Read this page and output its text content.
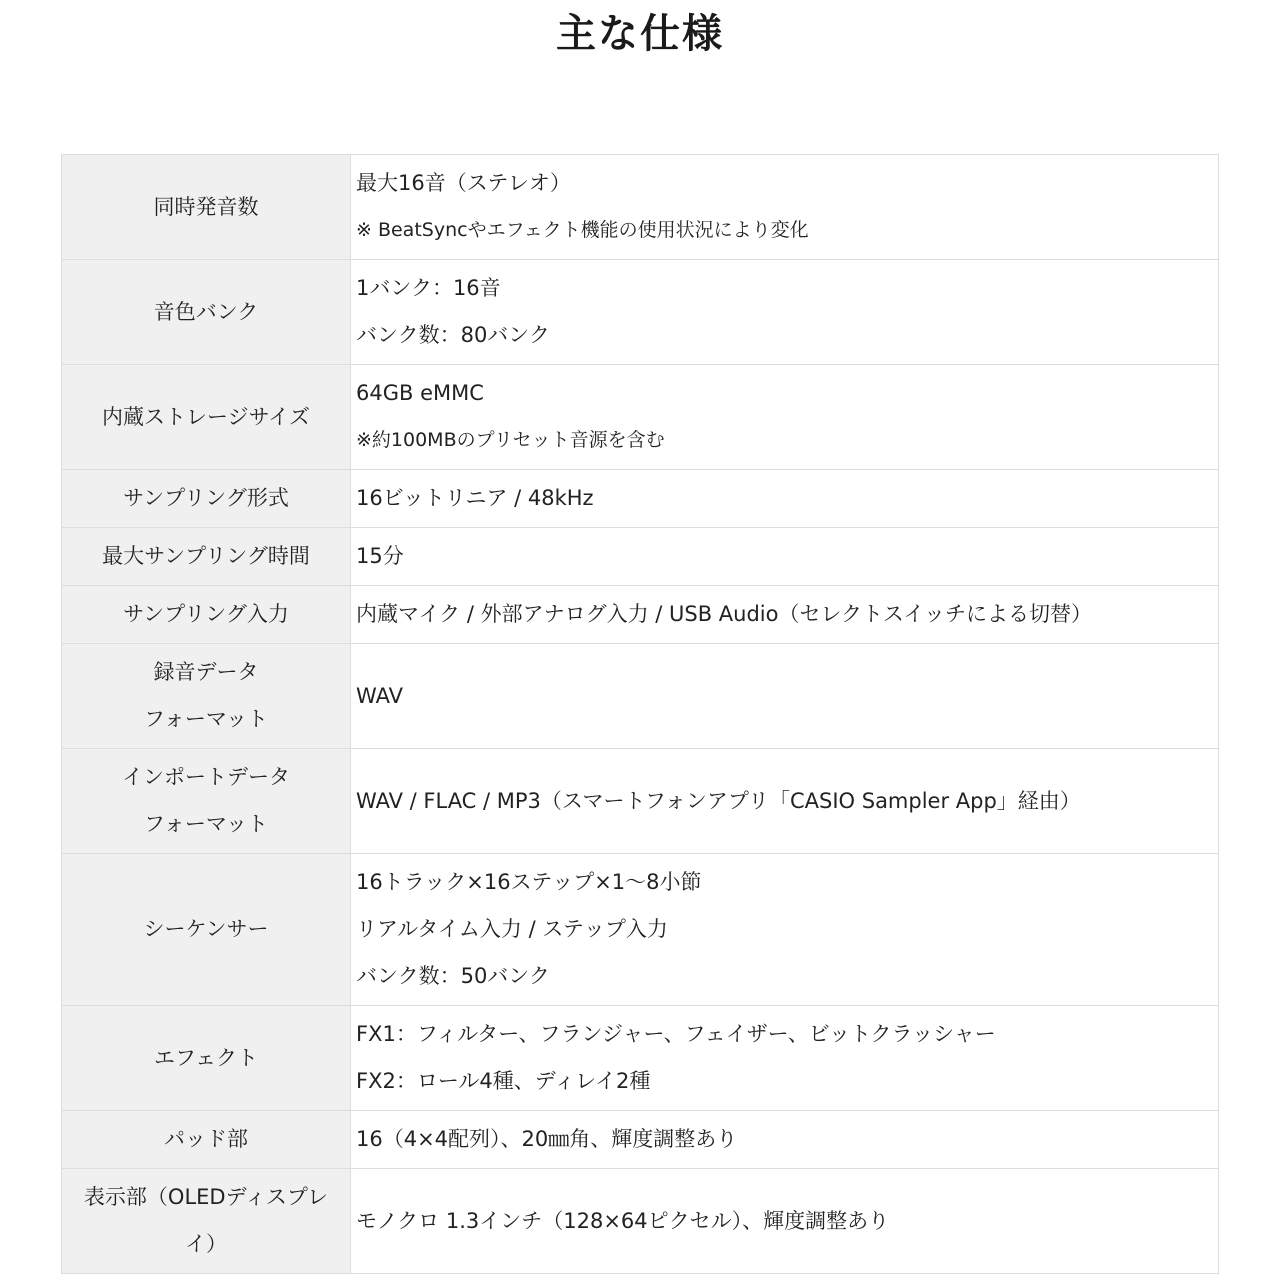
主な仕様
同時発音数	最大16音（ステレオ）
※ BeatSyncやエフェクト機能の使用状況により変化

音色バンク	1バンク：16音
バンク数：80バンク

内蔵ストレージサイズ	64GB eMMC
※約100MBのプリセット音源を含む

サンプリング形式	16ビットリニア / 48kHz

最大サンプリング時間	15分

サンプリング入力	内蔵マイク / 外部アナログ入力 / USB Audio（セレクトスイッチによる切替）

録音データ
フォーマット	WAV

インポートデータ
フォーマット	WAV / FLAC / MP3（スマートフォンアプリ「CASIO Sampler App」経由）

シーケンサー	16トラック×16ステップ×1〜8小節
リアルタイム入力 / ステップ入力
バンク数：50バンク

エフェクト	FX1：フィルター、フランジャー、フェイザー、ビットクラッシャー
FX2：ロール4種、ディレイ2種

パッド部	16（4×4配列）、20㎜角、輝度調整あり

表示部（OLEDディスプレ
イ）	モノクロ 1.3インチ（128×64ピクセル）、輝度調整あり
